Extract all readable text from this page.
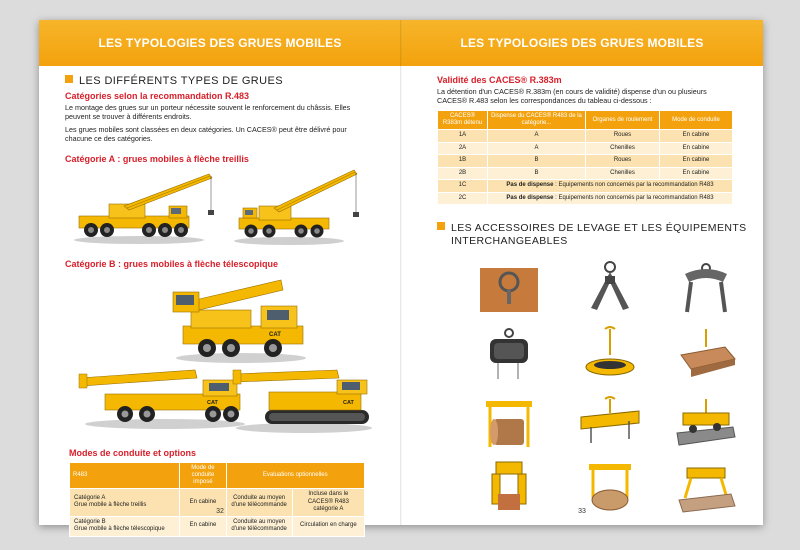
LES TYPOLOGIES DES GRUES MOBILES
LES DIFFÉRENTS TYPES DE GRUES
Catégories selon la recommandation R.483
Le montage des grues sur un porteur nécessite souvent le renforcement du châssis. Elles peuvent se trouver à différents endroits.
Les grues mobiles sont classées en deux catégories. Un CACES® peut être délivré pour chacune ce des catégories.
Catégorie A : grues mobiles à flèche treillis
Catégorie B : grues mobiles à flèche télescopique
CAT
CAT	CAT
Modes de conduite et options
R483	Mode de conduite imposé	Evaluations optionnelles	
Catégorie A
Grue mobile à flèche treillis	En cabine	Conduite au moyen d'une télécommande	Incluse dans le CACES® R483 catégorie A
Catégorie B
Grue mobile à flèche télescopique	En cabine	Conduite au moyen d'une télécommande	Circulation en charge
32
LES TYPOLOGIES DES GRUES MOBILES
Validité des CACES® R.383m
La détention d'un CACES® R.383m (en cours de validité) dispense d'un ou plusieurs CACES® R.483 selon les correspondances du tableau ci-dessous :
CACES® R383m détenu	Dispense du CACES® R483 de la catégorie...	Organes de roulement	Mode de conduite
1A	A	Roues	En cabine
2A	A	Chenilles	En cabine
1B	B	Roues	En cabine
2B	B	Chenilles	En cabine
1C	Pas de dispense : Equipements non concernés par la recommandation R483		
2C	Pas de dispense : Equipements non concernés par la recommandation R483		
LES ACCESSOIRES DE LEVAGE ET LES ÉQUIPEMENTS
INTERCHANGEABLES
33
